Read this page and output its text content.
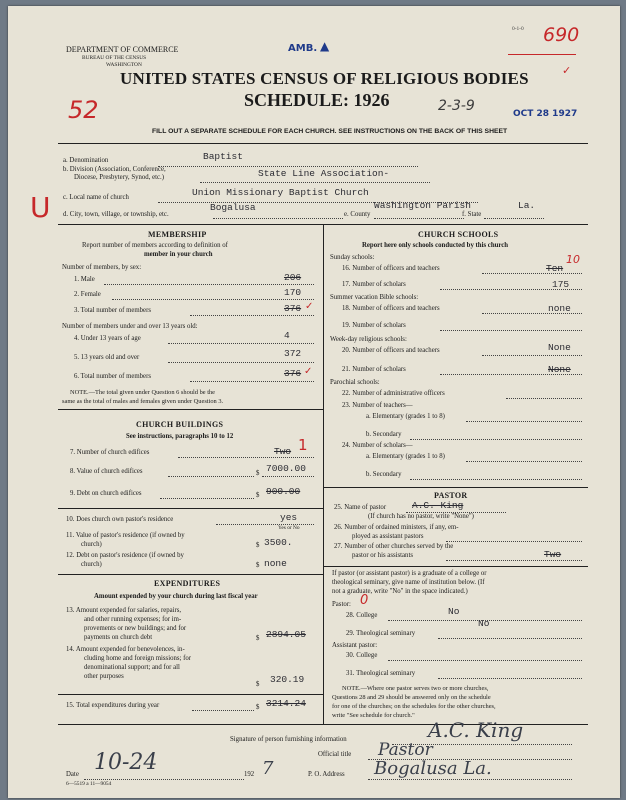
DEPARTMENT OF COMMERCE
BUREAU OF THE CENSUS
WASHINGTON
AMB. ▲
0-1-0 690
✓
UNITED STATES CENSUS OF RELIGIOUS BODIES
SCHEDULE: 1926
52	2-3-9	OCT 28 1927
FILL OUT A SEPARATE SCHEDULE FOR EACH CHURCH. SEE INSTRUCTIONS ON THE BACK OF THIS SHEET
U
a. Denomination	Baptist
b. Division (Association, Conference,
Diocese, Presbytery, Synod, etc.)	State Line Association-
c. Local name of church	Union Missionary Baptist Church
d. City, town, village, or township, etc.
Bogalusa
e. County
Washington Parish
f. State
La.
MEMBERSHIP
Report number of members according to definition of
member in your church
Number of members, by sex:
1. Male	206
2. Female	170
3. Total number of members	376 ✓
Number of members under and over 13 years old:
4. Under 13 years of age	4
5. 13 years old and over	372
6. Total number of members	376 ✓
NOTE.—The total given under Question 6 should be the
same as the total of males and females given under Question 3.
CHURCH BUILDINGS
See instructions, paragraphs 10 to 12
7. Number of church edifices	Two 1
8. Value of church edifices	$ 7000.00
9. Debt on church edifices	$ 900.00
10. Does church own pastor's residence	yes
Yes or No
11. Value of pastor's residence (if owned by
church)	$ 3500.
12. Debt on pastor's residence (if owned by
church)	$ none
EXPENDITURES
Amount expended by your church during last fiscal year
13. Amount expended for salaries, repairs,
and other running expenses; for im-
provements or new buildings; and for
payments on church debt	$ 2894.05
14. Amount expended for benevolences, in-
cluding home and foreign missions; for
denominational support; and for all
other purposes
$ 320.19
15. Total expenditures during year	$ 3214.24
CHURCH SCHOOLS
Report here only schools conducted by this church
Sunday schools:
16. Number of officers and teachers	Ten
10
17. Number of scholars	175
Summer vacation Bible schools:
18. Number of officers and teachers	none
19. Number of scholars
Week-day religious schools:
20. Number of officers and teachers	None
21. Number of scholars	None
Parochial schools:
22. Number of administrative officers
23. Number of teachers—
a. Elementary (grades 1 to 8)
b. Secondary
24. Number of scholars—
a. Elementary (grades 1 to 8)
b. Secondary
PASTOR
25. Name of pastor	A.C. King
(If church has no pastor, write "None")
26. Number of ordained ministers, if any, em-
ployed as assistant pastors
27. Number of other churches served by the
pastor or his assistants	Two
If pastor (or assistant pastor) is a graduate of a college or
theological seminary, give name of institution below. (If
not a graduate, write "No" in the space indicated.)
Pastor: 0
28. College	No
No
29. Theological seminary
Assistant pastor:
30. College
31. Theological seminary
NOTE.—Where one pastor serves two or more churches,
Questions 28 and 29 should be answered only on the schedule
for one of the churches; on the schedules for the other churches,
write "See schedule for church."
Signature of person furnishing information	A.C. King
Official title Pastor
Date 10-24	192 7	P. O. Address Bogalusa La.
6—5519 a 11—9054
